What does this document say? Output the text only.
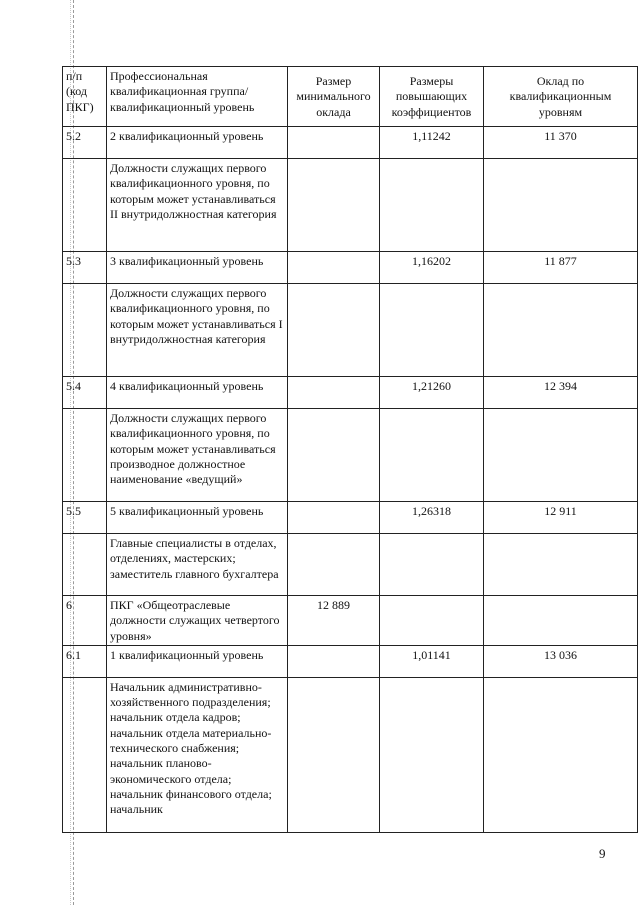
п/п (код ПКГ)	Профессиональная квалификационная группа/квалификационный уровень	Размер минимального оклада	Размеры повышающих коэффициентов	Оклад по квалификационным уровням
5.2	2 квалификационный уровень		1,11242	11 370
	Должности служащих первого квалификационного уровня, по которым может устанавливаться II внутридолжностная категория			
5.3	3 квалификационный уровень		1,16202	11 877
	Должности служащих первого квалификационного уровня, по которым может устанавливаться I внутридолжностная категория			
5.4	4 квалификационный уровень		1,21260	12 394
	Должности служащих первого квалификационного уровня, по которым может устанавливаться производное должностное наименование «ведущий»			
5.5	5 квалификационный уровень		1,26318	12 911
	Главные специалисты в отделах, отделениях, мастерских; заместитель главного бухгалтера			
6	ПКГ «Общеотраслевые должности служащих четвертого уровня»	12 889		
6.1	1 квалификационный уровень		1,01141	13 036
	Начальник административно-хозяйственного подразделения; начальник отдела кадров; начальник отдела материально-технического снабжения; начальник планово-экономического отдела; начальник финансового отдела; начальник			
9
